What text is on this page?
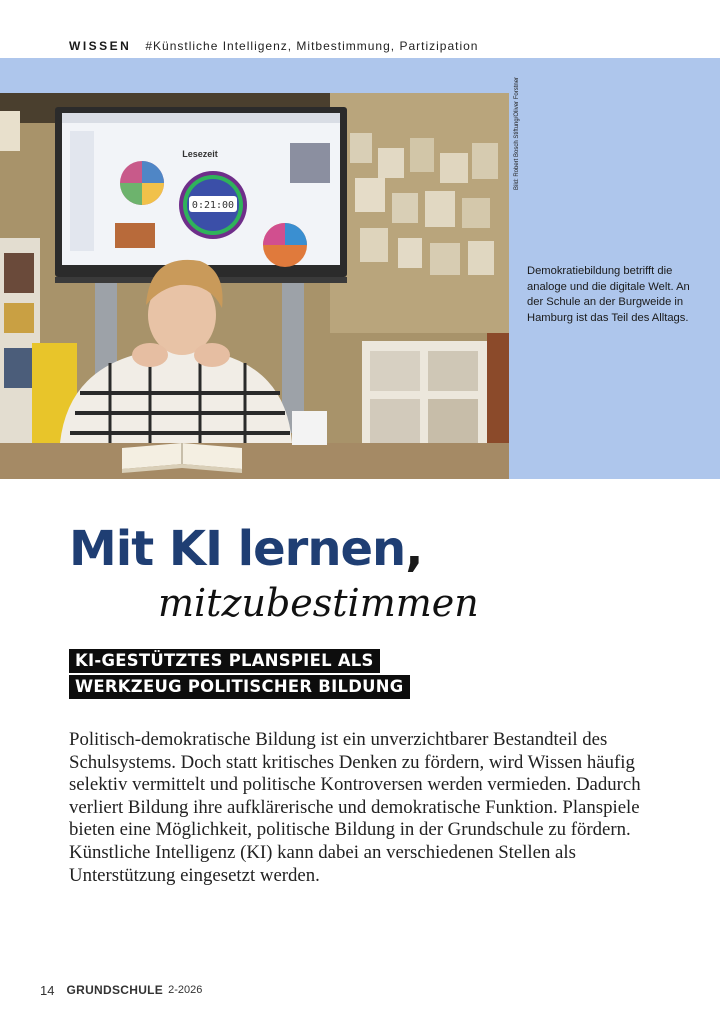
WISSEN #Künstliche Intelligenz, Mitbestimmung, Partizipation
Lesezeit
0:21:00
Bild: Robert Bosch Stiftung/Oliver Forstner

Demokratiebildung betrifft die analoge und die digitale Welt. An der Schule an der Burgweide in Hamburg ist das Teil des Alltags.

Mit KI lernen,
mitzubestimmen
KI-GESTÜTZTES PLANSPIEL ALS
WERKZEUG POLITISCHER BILDUNG

Politisch-demokratische Bildung ist ein unverzichtbarer Bestandteil des Schulsystems. Doch statt kritisches Denken zu fördern, wird Wissen häufig selektiv vermittelt und politische Kontroversen werden vermieden. Dadurch verliert Bildung ihre aufklärerische und demokratische Funktion. Planspiele bieten eine Möglichkeit, politische Bildung in der Grundschule zu fördern. Künstliche Intelligenz (KI) kann dabei an verschiedenen Stellen als Unterstützung eingesetzt werden.

14 GRUNDSCHULE 2-2026
